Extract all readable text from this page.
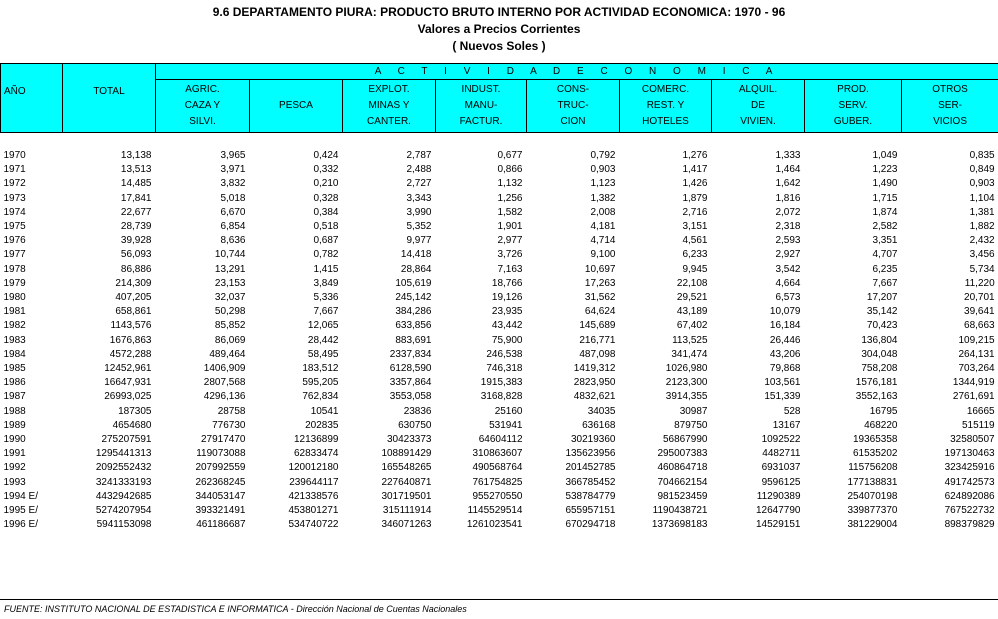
9.6 DEPARTAMENTO PIURA: PRODUCTO BRUTO INTERNO POR ACTIVIDAD ECONOMICA: 1970 - 96
Valores a Precios Corrientes
( Nuevos Soles )
AÑO	TOTAL	A C T I V I D A D E C O N O M I C A								

		AGRIC.
CAZA Y
SILVI.	PESCA	EXPLOT.
MINAS Y
CANTER.	INDUST.
MANU-
FACTUR.	CONS-
TRUC-
CION	COMERC.
REST. Y
HOTELES	ALQUIL.
DE
VIVIEN.	PROD.
SERV.
GUBER.	OTROS
SER-
VICIOS

1970	13,138	3,965	0,424	2,787	0,677	0,792	1,276	1,333	1,049	0,835
1971	13,513	3,971	0,332	2,488	0,866	0,903	1,417	1,464	1,223	0,849
1972	14,485	3,832	0,210	2,727	1,132	1,123	1,426	1,642	1,490	0,903
1973	17,841	5,018	0,328	3,343	1,256	1,382	1,879	1,816	1,715	1,104
1974	22,677	6,670	0,384	3,990	1,582	2,008	2,716	2,072	1,874	1,381
1975	28,739	6,854	0,518	5,352	1,901	4,181	3,151	2,318	2,582	1,882
1976	39,928	8,636	0,687	9,977	2,977	4,714	4,561	2,593	3,351	2,432
1977	56,093	10,744	0,782	14,418	3,726	9,100	6,233	2,927	4,707	3,456
1978	86,886	13,291	1,415	28,864	7,163	10,697	9,945	3,542	6,235	5,734
1979	214,309	23,153	3,849	105,619	18,766	17,263	22,108	4,664	7,667	11,220
1980	407,205	32,037	5,336	245,142	19,126	31,562	29,521	6,573	17,207	20,701
1981	658,861	50,298	7,667	384,286	23,935	64,624	43,189	10,079	35,142	39,641
1982	1143,576	85,852	12,065	633,856	43,442	145,689	67,402	16,184	70,423	68,663
1983	1676,863	86,069	28,442	883,691	75,900	216,771	113,525	26,446	136,804	109,215
1984	4572,288	489,464	58,495	2337,834	246,538	487,098	341,474	43,206	304,048	264,131
1985	12452,961	1406,909	183,512	6128,590	746,318	1419,312	1026,980	79,868	758,208	703,264
1986	16647,931	2807,568	595,205	3357,864	1915,383	2823,950	2123,300	103,561	1576,181	1344,919
1987	26993,025	4296,136	762,834	3553,058	3168,828	4832,621	3914,355	151,339	3552,163	2761,691
1988	187305	28758	10541	23836	25160	34035	30987	528	16795	16665
1989	4654680	776730	202835	630750	531941	636168	879750	13167	468220	515119
1990	275207591	27917470	12136899	30423373	64604112	30219360	56867990	1092522	19365358	32580507
1991	1295441313	119073088	62833474	108891429	310863607	135623956	295007383	4482711	61535202	197130463
1992	2092552432	207992559	120012180	165548265	490568764	201452785	460864718	6931037	115756208	323425916
1993	3241333193	262368245	239644117	227640871	761754825	366785452	704662154	9596125	177138831	491742573
1994 E/	4432942685	344053147	421338576	301719501	955270550	538784779	981523459	11290389	254070198	624892086
1995 E/	5274207954	393321491	453801271	315111914	1145529514	655957151	1190438721	12647790	339877370	767522732
1996 E/	5941153098	461186687	534740722	346071263	1261023541	670294718	1373698183	14529151	381229004	898379829
FUENTE: INSTITUTO NACIONAL DE ESTADISTICA E INFORMATICA - Dirección Nacional de Cuentas Nacionales
